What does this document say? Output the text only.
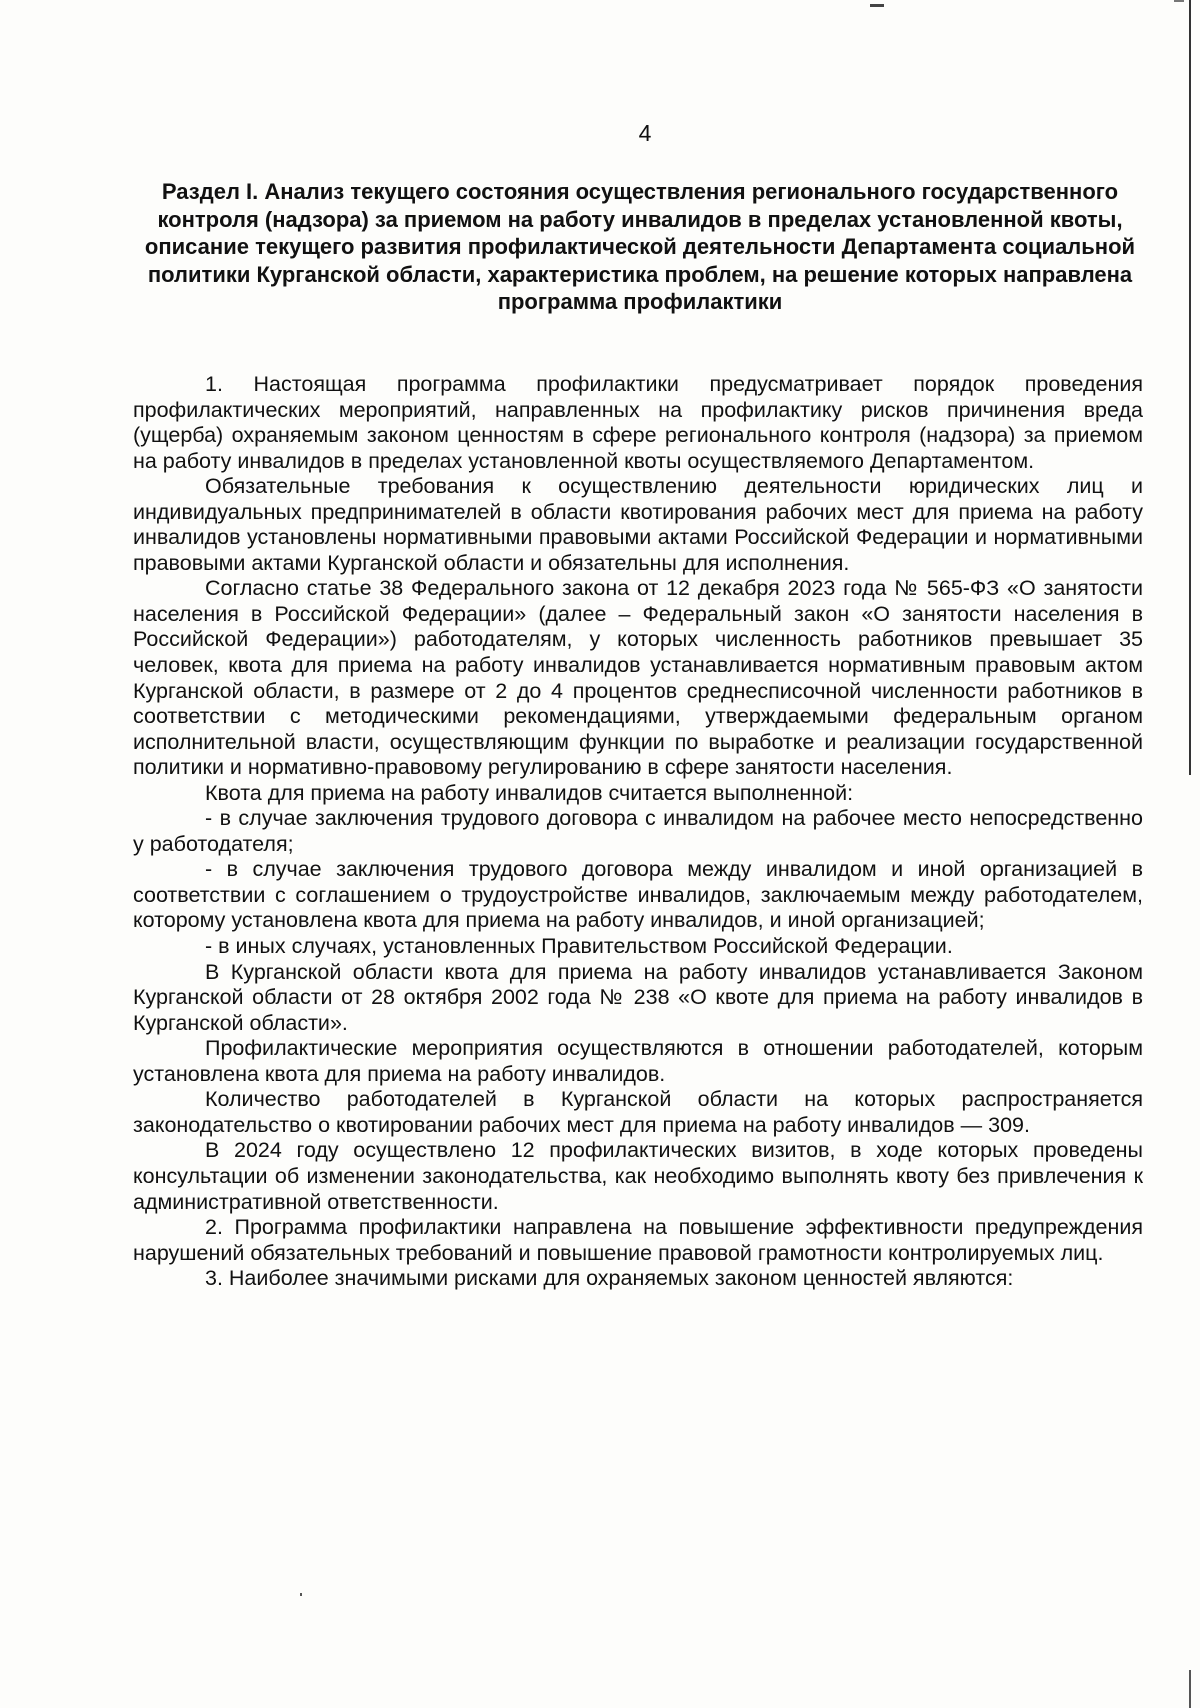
4
Раздел I. Анализ текущего состояния осуществления регионального государственного контроля (надзора) за приемом на работу инвалидов в пределах установленной квоты, описание текущего развития профилактической деятельности Департамента социальной политики Курганской области, характеристика проблем, на решение которых направлена программа профилактики

1. Настоящая программа профилактики предусматривает порядок проведения профилактических мероприятий, направленных на профилактику рисков причинения вреда (ущерба) охраняемым законом ценностям в сфере регионального контроля (надзора) за приемом на работу инвалидов в пределах установленной квоты осуществляемого Департаментом.

Обязательные требования к осуществлению деятельности юридических лиц и индивидуальных предпринимателей в области квотирования рабочих мест для приема на работу инвалидов установлены нормативными правовыми актами Российской Федерации и нормативными правовыми актами Курганской области и обязательны для исполнения.

Согласно статье 38 Федерального закона от 12 декабря 2023 года № 565-ФЗ «О занятости населения в Российской Федерации» (далее – Федеральный закон «О занятости населения в Российской Федерации») работодателям, у которых численность работников превышает 35 человек, квота для приема на работу инвалидов устанавливается нормативным правовым актом Курганской области, в размере от 2 до 4 процентов среднесписочной численности работников в соответствии с методическими рекомендациями, утверждаемыми федеральным органом исполнительной власти, осуществляющим функции по выработке и реализации государственной политики и нормативно-правовому регулированию в сфере занятости населения.

Квота для приема на работу инвалидов считается выполненной:

- в случае заключения трудового договора с инвалидом на рабочее место непосредственно у работодателя;

- в случае заключения трудового договора между инвалидом и иной организацией в соответствии с соглашением о трудоустройстве инвалидов, заключаемым между работодателем, которому установлена квота для приема на работу инвалидов, и иной организацией;

- в иных случаях, установленных Правительством Российской Федерации.

В Курганской области квота для приема на работу инвалидов устанавливается Законом Курганской области от 28 октября 2002 года № 238 «О квоте для приема на работу инвалидов в Курганской области».

Профилактические мероприятия осуществляются в отношении работодателей, которым установлена квота для приема на работу инвалидов.

Количество работодателей в Курганской области на которых распространяется законодательство о квотировании рабочих мест для приема на работу инвалидов — 309.

В 2024 году осуществлено 12 профилактических визитов, в ходе которых проведены консультации об изменении законодательства, как необходимо выполнять квоту без привлечения к административной ответственности.

2. Программа профилактики направлена на повышение эффективности предупреждения нарушений обязательных требований и повышение правовой грамотности контролируемых лиц.

3. Наиболее значимыми рисками для охраняемых законом ценностей являются:
